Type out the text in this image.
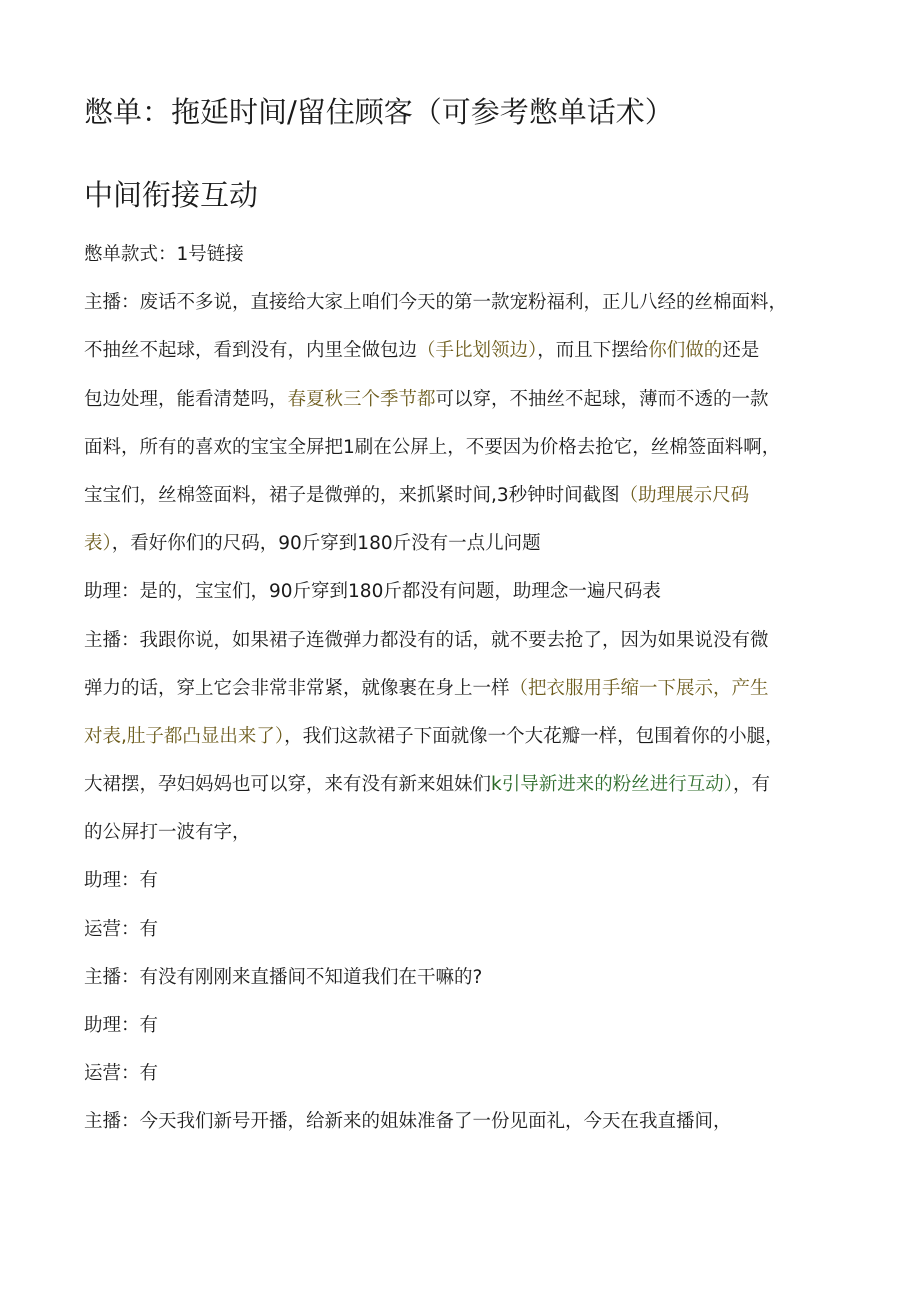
憋单：拖延时间/留住顾客（可参考憋单话术）
中间衔接互动
憋单款式：1号链接
主播：废话不多说，直接给大家上咱们今天的第一款宠粉福利，正儿八经的丝棉面料，
不抽丝不起球，看到没有，内里全做包边（手比划领边），而且下摆给你们做的还是
包边处理，能看清楚吗，春夏秋三个季节都可以穿，不抽丝不起球，薄而不透的一款
面料，所有的喜欢的宝宝全屏把1刷在公屏上，不要因为价格去抢它，丝棉签面料啊，
宝宝们，丝棉签面料，裙子是微弹的，来抓紧时间,3秒钟时间截图（助理展示尺码
表），看好你们的尺码，90斤穿到180斤没有一点儿问题
助理：是的，宝宝们，90斤穿到180斤都没有问题，助理念一遍尺码表
主播：我跟你说，如果裙子连微弹力都没有的话，就不要去抢了，因为如果说没有微
弹力的话，穿上它会非常非常紧，就像裹在身上一样（把衣服用手缩一下展示，产生
对表,肚子都凸显出来了），我们这款裙子下面就像一个大花瓣一样，包围着你的小腿，
大裙摆，孕妇妈妈也可以穿，来有没有新来姐妹们k引导新进来的粉丝进行互动），有
的公屏打一波有字，
助理：有
运营：有
主播：有没有刚刚来直播间不知道我们在干嘛的?
助理：有
运营：有
主播：今天我们新号开播，给新来的姐妹准备了一份见面礼，今天在我直播间，
